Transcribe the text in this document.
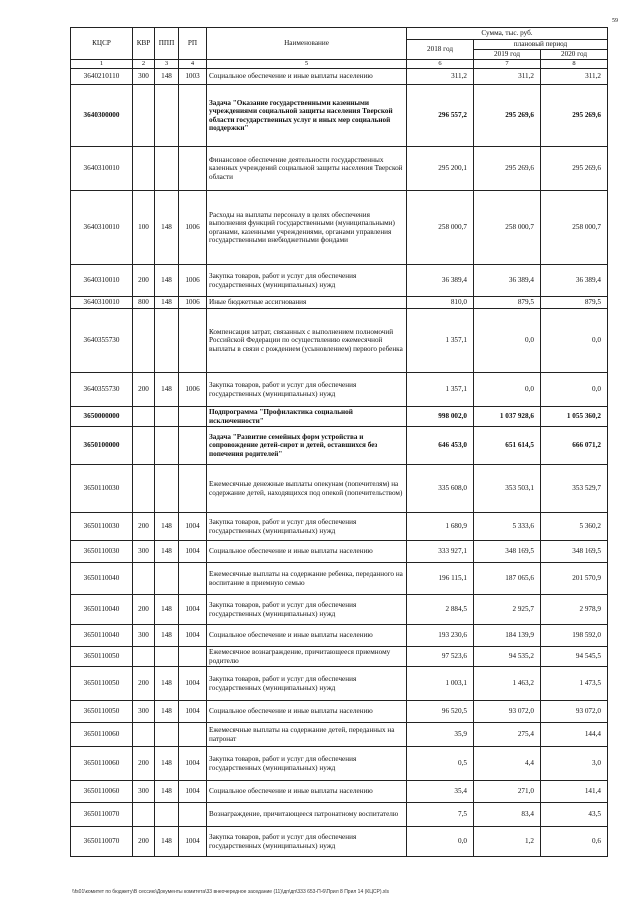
59
КЦСР	КВР	ППП	РП	Наименование	Сумма, тыс. руб.		
					2018 год	плановый период	
						2019 год	2020 год
1	2	3	4	5	6	7	8
3640210110	300	148	1003	Социальное обеспечение и иные выплаты населению	311,2	311,2	311,2
3640300000				Задача "Оказание государственными казенными учреждениями социальной защиты населения Тверской области государственных услуг и иных мер социальной поддержки"	296 557,2	295 269,6	295 269,6
3640310010				Финансовое обеспечение деятельности государственных казенных учреждений социальной защиты населения Тверской области	295 200,1	295 269,6	295 269,6
3640310010	100	148	1006	Расходы на выплаты персоналу в целях обеспечения выполнения функций государственными (муниципальными) органами, казенными учреждениями, органами управления государственными внебюджетными фондами	258 000,7	258 000,7	258 000,7
3640310010	200	148	1006	Закупка товаров, работ и услуг для обеспечения государственных (муниципальных) нужд	36 389,4	36 389,4	36 389,4
3640310010	800	148	1006	Иные бюджетные ассигнования	810,0	879,5	879,5
3640355730				Компенсация затрат, связанных с выполнением полномочий Российской Федерации по осуществлению ежемесячной выплаты в связи с рождением (усыновлением) первого ребенка	1 357,1	0,0	0,0
3640355730	200	148	1006	Закупка товаров, работ и услуг для обеспечения государственных (муниципальных) нужд	1 357,1	0,0	0,0
3650000000				Подпрограмма "Профилактика социальной исключенности"	998 002,0	1 037 928,6	1 055 360,2
3650100000				Задача "Развитие семейных форм устройства и сопровождение детей-сирот и детей, оставшихся без попечения родителей"	646 453,0	651 614,5	666 071,2
3650110030				Ежемесячные денежные выплаты опекунам (попечителям) на содержание детей, находящихся под опекой (попечительством)	335 608,0	353 503,1	353 529,7
3650110030	200	148	1004	Закупка товаров, работ и услуг для обеспечения государственных (муниципальных) нужд	1 680,9	5 333,6	5 360,2
3650110030	300	148	1004	Социальное обеспечение и иные выплаты населению	333 927,1	348 169,5	348 169,5
3650110040				Ежемесячные выплаты на содержание ребенка, переданного на воспитание в приемную семью	196 115,1	187 065,6	201 570,9
3650110040	200	148	1004	Закупка товаров, работ и услуг для обеспечения государственных (муниципальных) нужд	2 884,5	2 925,7	2 978,9
3650110040	300	148	1004	Социальное обеспечение и иные выплаты населению	193 230,6	184 139,9	198 592,0
3650110050				Ежемесячное вознаграждение, причитающееся приемному родителю	97 523,6	94 535,2	94 545,5
3650110050	200	148	1004	Закупка товаров, работ и услуг для обеспечения государственных (муниципальных) нужд	1 003,1	1 463,2	1 473,5
3650110050	300	148	1004	Социальное обеспечение и иные выплаты населению	96 520,5	93 072,0	93 072,0
3650110060				Ежемесячные выплаты на содержание детей, переданных на патронат	35,9	275,4	144,4
3650110060	200	148	1004	Закупка товаров, работ и услуг для обеспечения государственных (муниципальных) нужд	0,5	4,4	3,0
3650110060	300	148	1004	Социальное обеспечение и иные выплаты населению	35,4	271,0	141,4
3650110070				Вознаграждение, причитающееся патронатному воспитателю	7,5	83,4	43,5
3650110070	200	148	1004	Закупка товаров, работ и услуг для обеспечения государственных (муниципальных) нужд	0,0	1,2	0,6
\\fs01\комитет по бюджету\В сессию\Документы комитета\33 внеочередное заседание (11)\дп\дп\333 653-П-6\Прил 8 Прил 14 (КЦСР).xls
